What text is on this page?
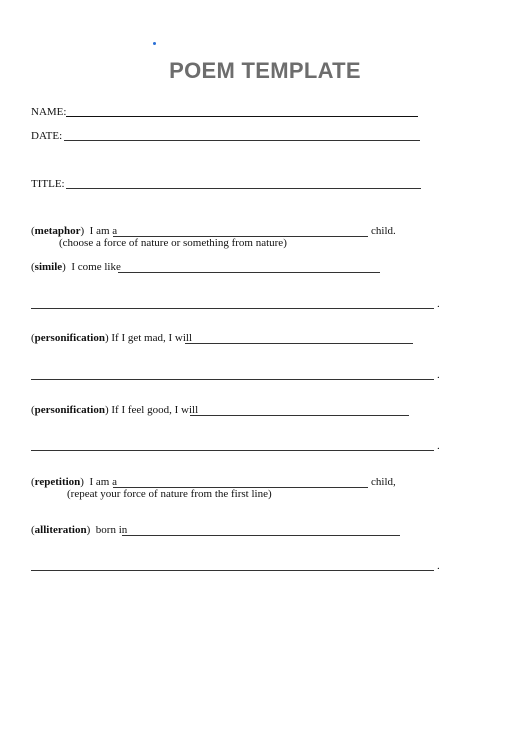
POEM TEMPLATE
NAME:
DATE:
TITLE:
(metaphor)  I am a	child.
(choose a force of nature or something from nature)
(simile)  I come like
.
(personification) If I get mad, I will
.
(personification) If I feel good, I will
.
(repetition)  I am a	child,
(repeat your force of nature from the first line)
(alliteration)  born in
.
